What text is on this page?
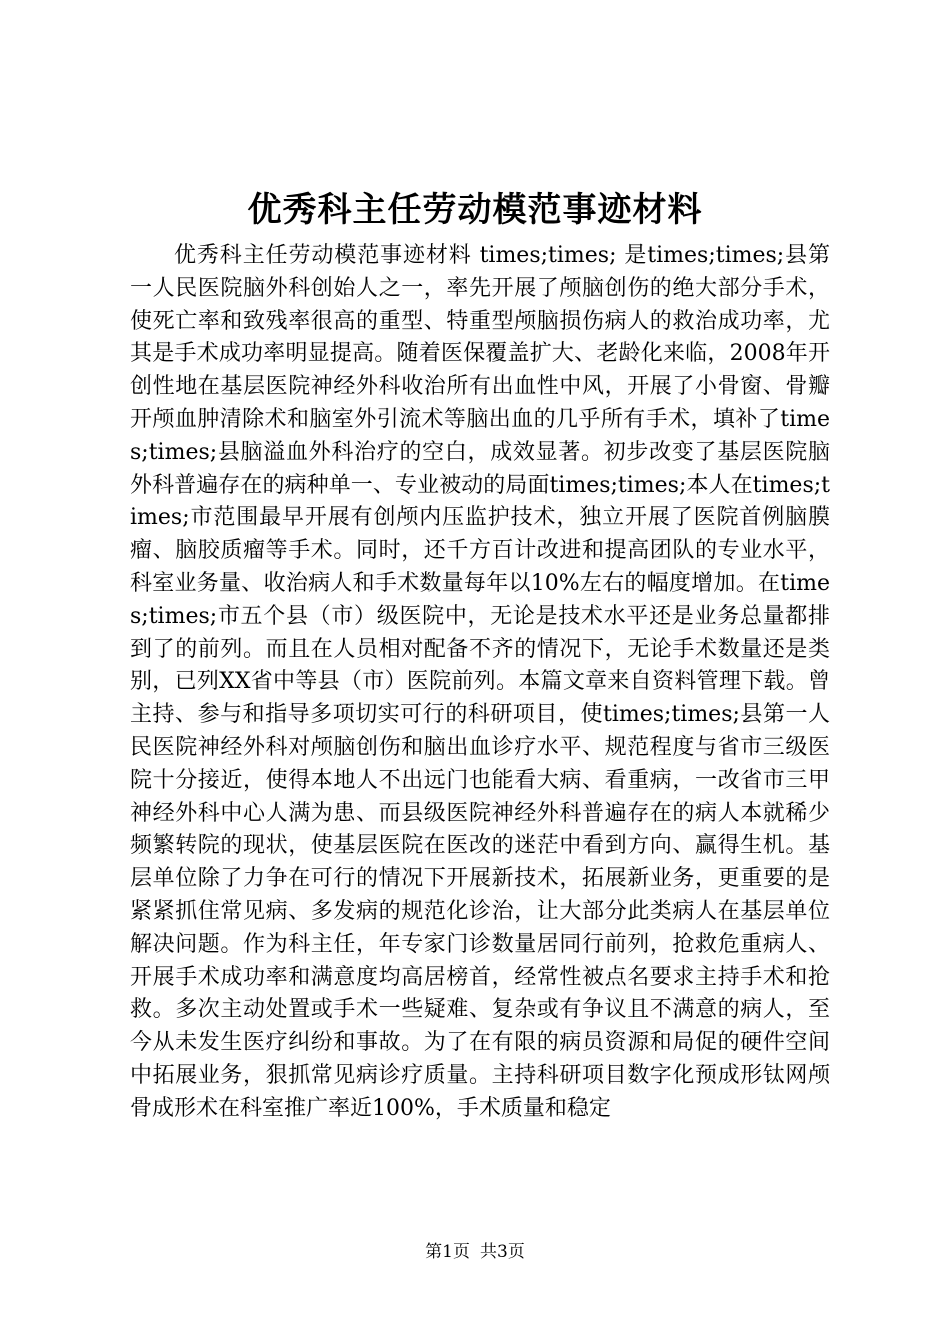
优秀科主任劳动模范事迹材料

优秀科主任劳动模范事迹材料 times;times; 是times;times;县第一人民医院脑外科创始人之一，率先开展了颅脑创伤的绝大部分手术，使死亡率和致残率很高的重型、特重型颅脑损伤病人的救治成功率，尤其是手术成功率明显提高。随着医保覆盖扩大、老龄化来临，2008年开创性地在基层医院神经外科收治所有出血性中风，开展了小骨窗、骨瓣开颅血肿清除术和脑室外引流术等脑出血的几乎所有手术，填补了times;times;县脑溢血外科治疗的空白，成效显著。初步改变了基层医院脑外科普遍存在的病种单一、专业被动的局面times;times;本人在times;times;市范围最早开展有创颅内压监护技术，独立开展了医院首例脑膜瘤、脑胶质瘤等手术。同时，还千方百计改进和提高团队的专业水平，科室业务量、收治病人和手术数量每年以10%左右的幅度增加。在times;times;市五个县（市）级医院中，无论是技术水平还是业务总量都排到了的前列。而且在人员相对配备不齐的情况下，无论手术数量还是类别，已列XX省中等县（市）医院前列。本篇文章来自资料管理下载。曾主持、参与和指导多项切实可行的科研项目，使times;times;县第一人民医院神经外科对颅脑创伤和脑出血诊疗水平、规范程度与省市三级医院十分接近，使得本地人不出远门也能看大病、看重病，一改省市三甲神经外科中心人满为患、而县级医院神经外科普遍存在的病人本就稀少频繁转院的现状，使基层医院在医改的迷茫中看到方向、赢得生机。基层单位除了力争在可行的情况下开展新技术，拓展新业务，更重要的是紧紧抓住常见病、多发病的规范化诊治，让大部分此类病人在基层单位解决问题。作为科主任，年专家门诊数量居同行前列，抢救危重病人、开展手术成功率和满意度均高居榜首，经常性被点名要求主持手术和抢救。多次主动处置或手术一些疑难、复杂或有争议且不满意的病人，至今从未发生医疗纠纷和事故。为了在有限的病员资源和局促的硬件空间中拓展业务，狠抓常见病诊疗质量。主持科研项目数字化预成形钛网颅骨成形术在科室推广率近100%，手术质量和稳定

第1页 共3页
